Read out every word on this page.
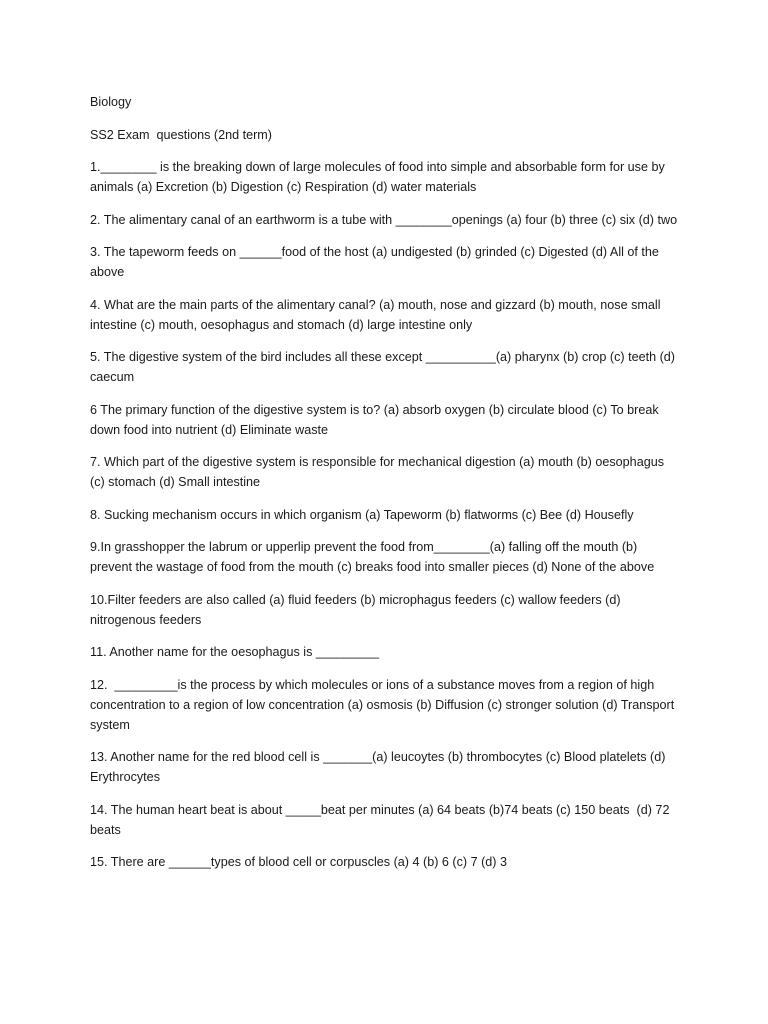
Biology

SS2 Exam  questions (2nd term)

1.________ is the breaking down of large molecules of food into simple and absorbable form for use by animals (a) Excretion (b) Digestion (c) Respiration (d) water materials

2. The alimentary canal of an earthworm is a tube with ________openings (a) four (b) three (c) six (d) two

3. The tapeworm feeds on ______food of the host (a) undigested (b) grinded (c) Digested (d) All of the above

4. What are the main parts of the alimentary canal? (a) mouth, nose and gizzard (b) mouth, nose small intestine (c) mouth, oesophagus and stomach (d) large intestine only

5. The digestive system of the bird includes all these except __________(a) pharynx (b) crop (c) teeth (d) caecum

6 The primary function of the digestive system is to? (a) absorb oxygen (b) circulate blood (c) To break down food into nutrient (d) Eliminate waste

7. Which part of the digestive system is responsible for mechanical digestion (a) mouth (b) oesophagus (c) stomach (d) Small intestine

8. Sucking mechanism occurs in which organism (a) Tapeworm (b) flatworms (c) Bee (d) Housefly

9.In grasshopper the labrum or upperlip prevent the food from________(a) falling off the mouth (b) prevent the wastage of food from the mouth (c) breaks food into smaller pieces (d) None of the above

10.Filter feeders are also called (a) fluid feeders (b) microphagus feeders (c) wallow feeders (d) nitrogenous feeders

11. Another name for the oesophagus is _________

12.  _________is the process by which molecules or ions of a substance moves from a region of high concentration to a region of low concentration (a) osmosis (b) Diffusion (c) stronger solution (d) Transport system

13. Another name for the red blood cell is _______(a) leucoytes (b) thrombocytes (c) Blood platelets (d) Erythrocytes

14. The human heart beat is about _____beat per minutes (a) 64 beats (b)74 beats (c) 150 beats  (d) 72 beats

15. There are ______types of blood cell or corpuscles (a) 4 (b) 6 (c) 7 (d) 3
